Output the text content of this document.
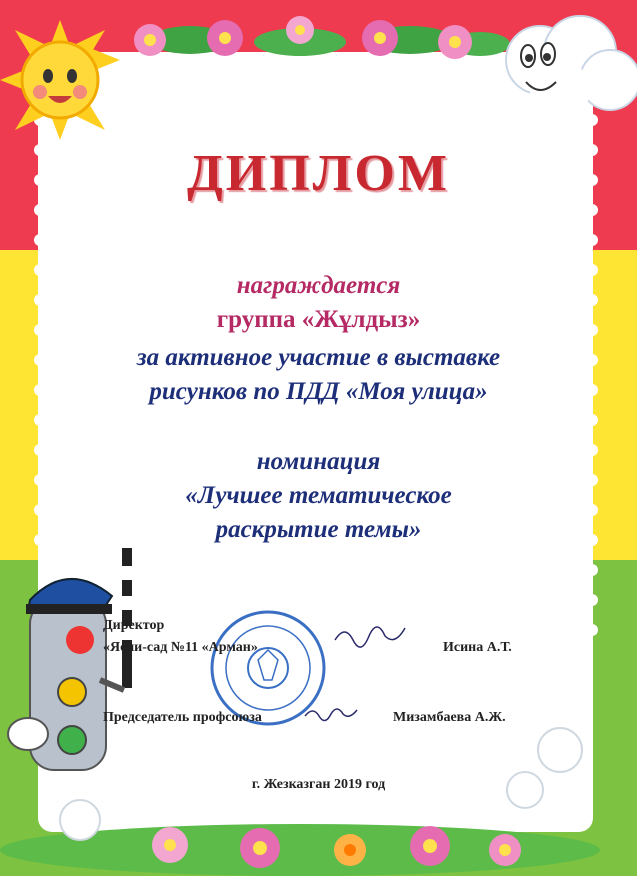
ДИПЛОМ
награждается
группа «Жұлдыз»
за активное участие в выставке
рисунков по ПДД «Моя улица»
номинация
«Лучшее тематическое
раскрытие темы»
Директор
«Ясли-сад №11 «Арман»	Исина А.Т.
Председатель профсоюза	Мизамбаева А.Ж.
г. Жезказган 2019 год
